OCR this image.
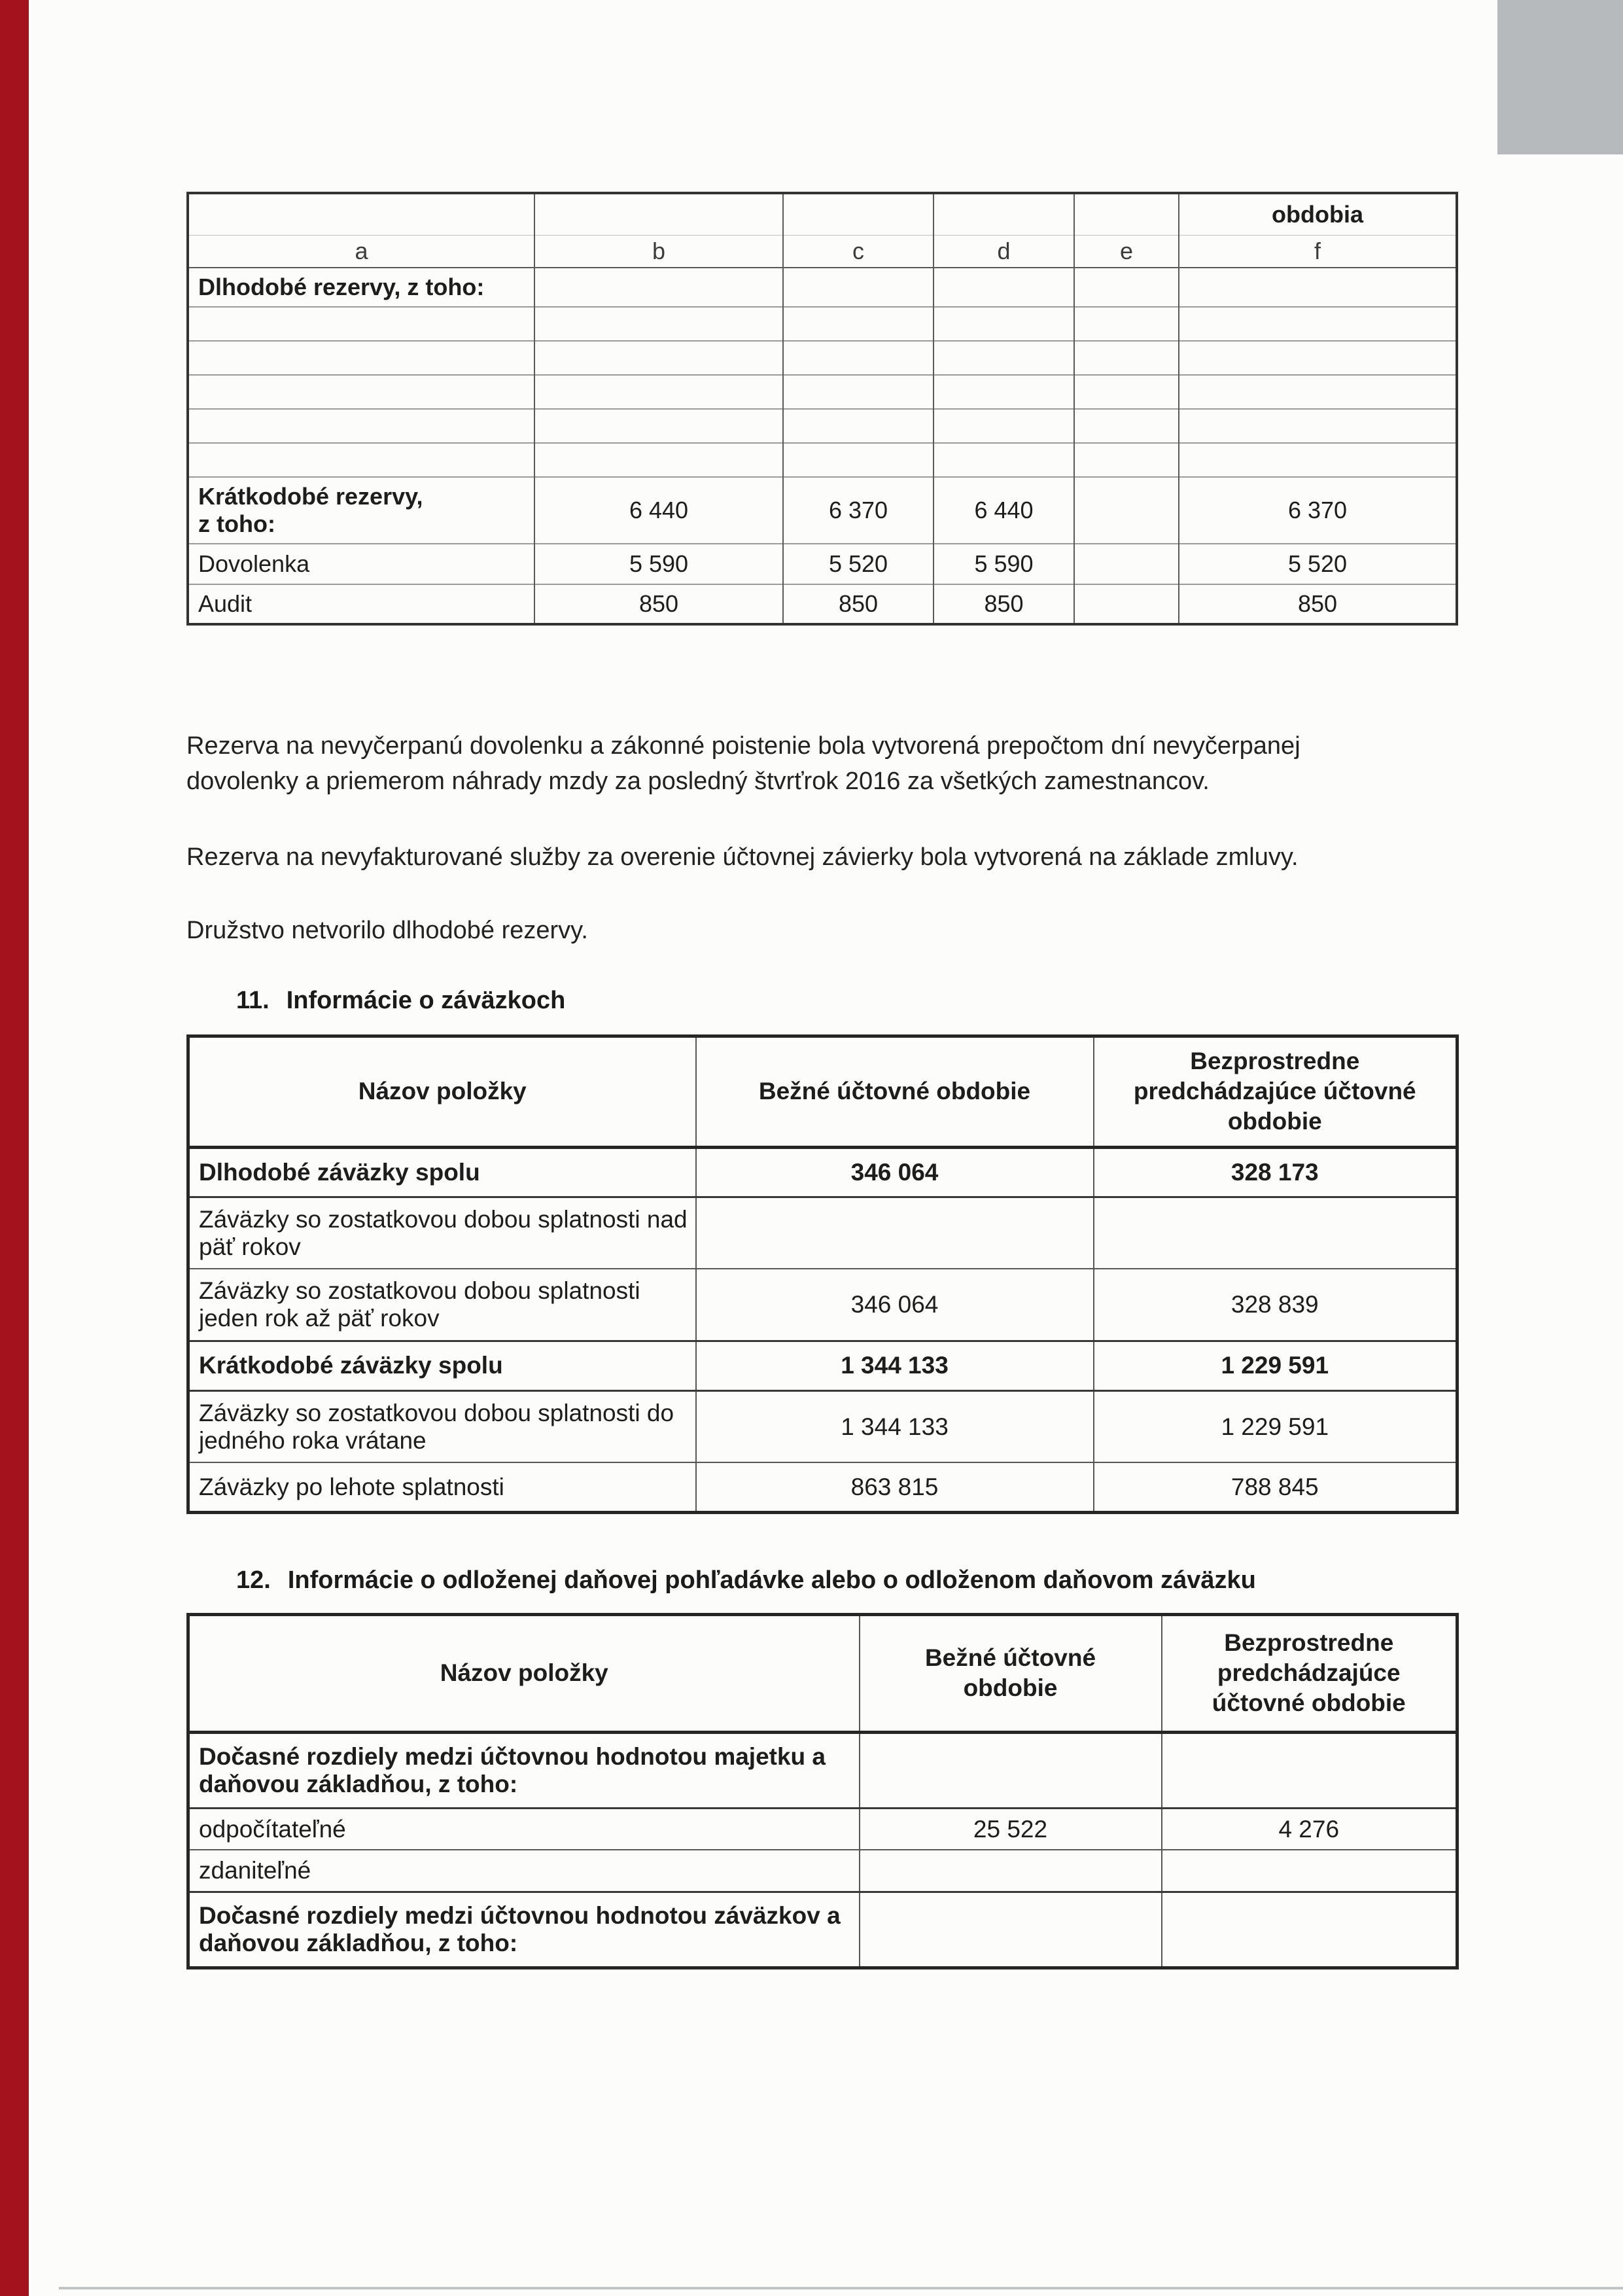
					obdobia
a	b	c	d	e	f
Dlhodobé rezervy, z toho:					

Krátkodobé rezervy,
z toho:	6 440	6 370	6 440		6 370
Dovolenka	5 590	5 520	5 590		5 520
Audit	850	850	850		850

Rezerva na nevyčerpanú dovolenku a zákonné poistenie bola vytvorená prepočtom dní nevyčerpanej dovolenky a priemerom náhrady mzdy za posledný štvrťrok 2016 za všetkých zamestnancov.

Rezerva na nevyfakturované služby za overenie účtovnej závierky bola vytvorená na základe zmluvy.

Družstvo netvorilo dlhodobé rezervy.

11. Informácie o záväzkoch
Názov položky	Bežné účtovné obdobie	Bezprostredne predchádzajúce účtovné obdobie
Dlhodobé záväzky spolu	346 064	328 173
Záväzky so zostatkovou dobou splatnosti nad päť rokov		
Záväzky so zostatkovou dobou splatnosti jeden rok až päť rokov	346 064	328 839
Krátkodobé záväzky spolu	1 344 133	1 229 591
Záväzky so zostatkovou dobou splatnosti do jedného roka vrátane	1 344 133	1 229 591
Záväzky po lehote splatnosti	863 815	788 845
12. Informácie o odloženej daňovej pohľadávke alebo o odloženom daňovom záväzku
Názov položky	Bežné účtovné obdobie	Bezprostredne predchádzajúce účtovné obdobie
Dočasné rozdiely medzi účtovnou hodnotou majetku a daňovou základňou, z toho:		
odpočítateľné	25 522	4 276
zdaniteľné		
Dočasné rozdiely medzi účtovnou hodnotou záväzkov a daňovou základňou, z toho:		
